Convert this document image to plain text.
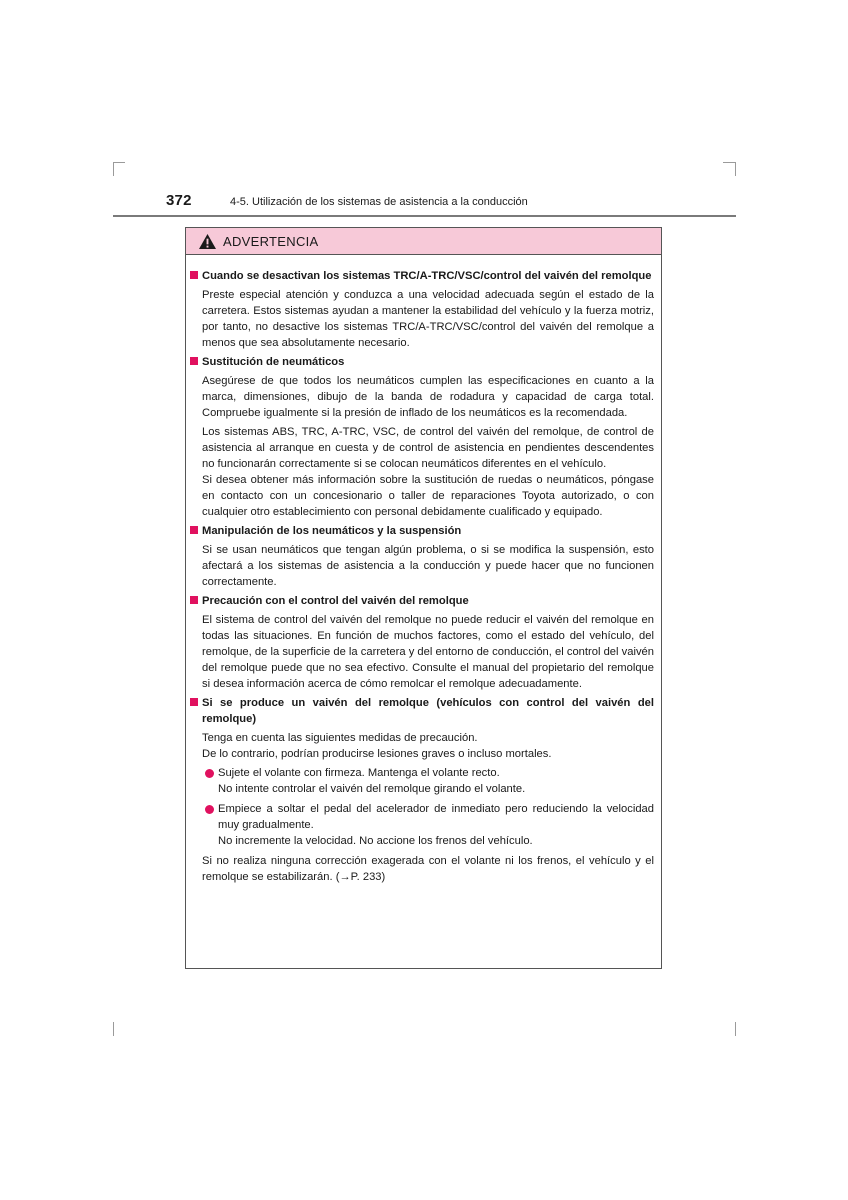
372	4-5. Utilización de los sistemas de asistencia a la conducción
ADVERTENCIA
Cuando se desactivan los sistemas TRC/A-TRC/VSC/control del vaivén del remolque
Preste especial atención y conduzca a una velocidad adecuada según el estado de la carretera. Estos sistemas ayudan a mantener la estabilidad del vehículo y la fuerza motriz, por tanto, no desactive los sistemas TRC/A-TRC/VSC/control del vaivén del remolque a menos que sea absolutamente necesario.
Sustitución de neumáticos
Asegúrese de que todos los neumáticos cumplen las especificaciones en cuanto a la marca, dimensiones, dibujo de la banda de rodadura y capacidad de carga total. Compruebe igualmente si la presión de inflado de los neumáticos es la recomendada.
Los sistemas ABS, TRC, A-TRC, VSC, de control del vaivén del remolque, de control de asistencia al arranque en cuesta y de control de asistencia en pendientes descendentes no funcionarán correctamente si se colocan neumáticos diferentes en el vehículo.
Si desea obtener más información sobre la sustitución de ruedas o neumáticos, póngase en contacto con un concesionario o taller de reparaciones Toyota autorizado, o con cualquier otro establecimiento con personal debidamente cualificado y equipado.
Manipulación de los neumáticos y la suspensión
Si se usan neumáticos que tengan algún problema, o si se modifica la suspensión, esto afectará a los sistemas de asistencia a la conducción y puede hacer que no funcionen correctamente.
Precaución con el control del vaivén del remolque
El sistema de control del vaivén del remolque no puede reducir el vaivén del remolque en todas las situaciones. En función de muchos factores, como el estado del vehículo, del remolque, de la superficie de la carretera y del entorno de conducción, el control del vaivén del remolque puede que no sea efectivo. Consulte el manual del propietario del remolque si desea información acerca de cómo remolcar el remolque adecuadamente.
Si se produce un vaivén del remolque (vehículos con control del vaivén del remolque)
Tenga en cuenta las siguientes medidas de precaución.
De lo contrario, podrían producirse lesiones graves o incluso mortales.
Sujete el volante con firmeza. Mantenga el volante recto.
No intente controlar el vaivén del remolque girando el volante.
Empiece a soltar el pedal del acelerador de inmediato pero reduciendo la velocidad muy gradualmente.
No incremente la velocidad. No accione los frenos del vehículo.
Si no realiza ninguna corrección exagerada con el volante ni los frenos, el vehículo y el remolque se estabilizarán. (→P. 233)
